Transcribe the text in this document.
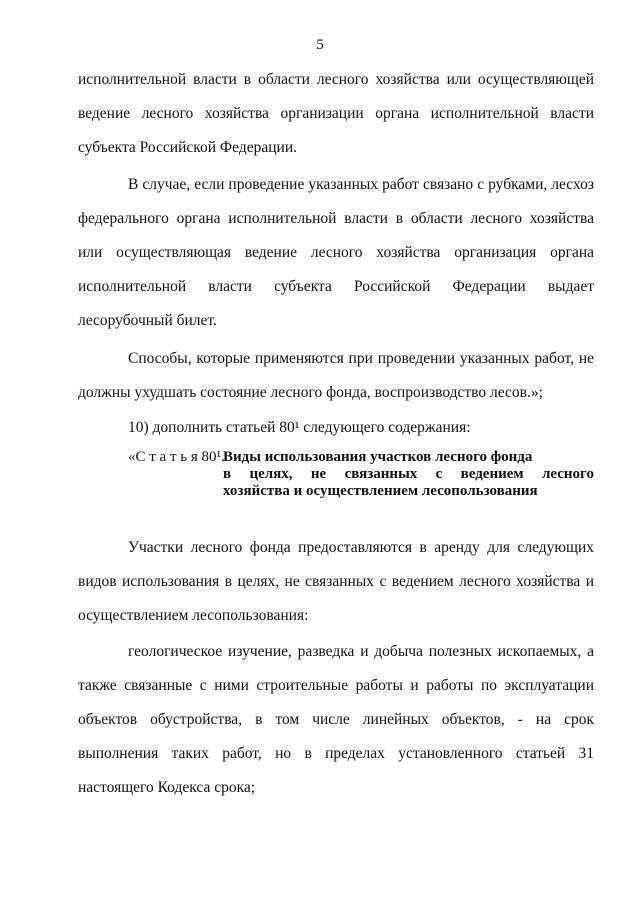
5
исполнительной власти в области лесного хозяйства или осуществляющей
ведение лесного хозяйства организации органа исполнительной власти
субъекта Российской Федерации.
В случае, если проведение указанных работ связано с рубками, лесхоз
федерального органа исполнительной власти в области лесного хозяйства
или осуществляющая ведение лесного хозяйства организация органа
исполнительной власти субъекта Российской Федерации выдает
лесорубочный билет.
Способы, которые применяются при проведении указанных работ, не
должны ухудшать состояние лесного фонда, воспроизводство лесов.»;
10) дополнить статьей 80¹ следующего содержания:
«С т а т ь я 80¹.
Виды использования участков лесного фонда
в целях, не связанных с ведением лесного
хозяйства и осуществлением лесопользования
Участки лесного фонда предоставляются в аренду для следующих
видов использования в целях, не связанных с ведением лесного хозяйства и
осуществлением лесопользования:
геологическое изучение, разведка и добыча полезных ископаемых, а
также связанные с ними строительные работы и работы по эксплуатации
объектов обустройства, в том числе линейных объектов, - на срок
выполнения таких работ, но в пределах установленного статьей 31
настоящего Кодекса срока;
